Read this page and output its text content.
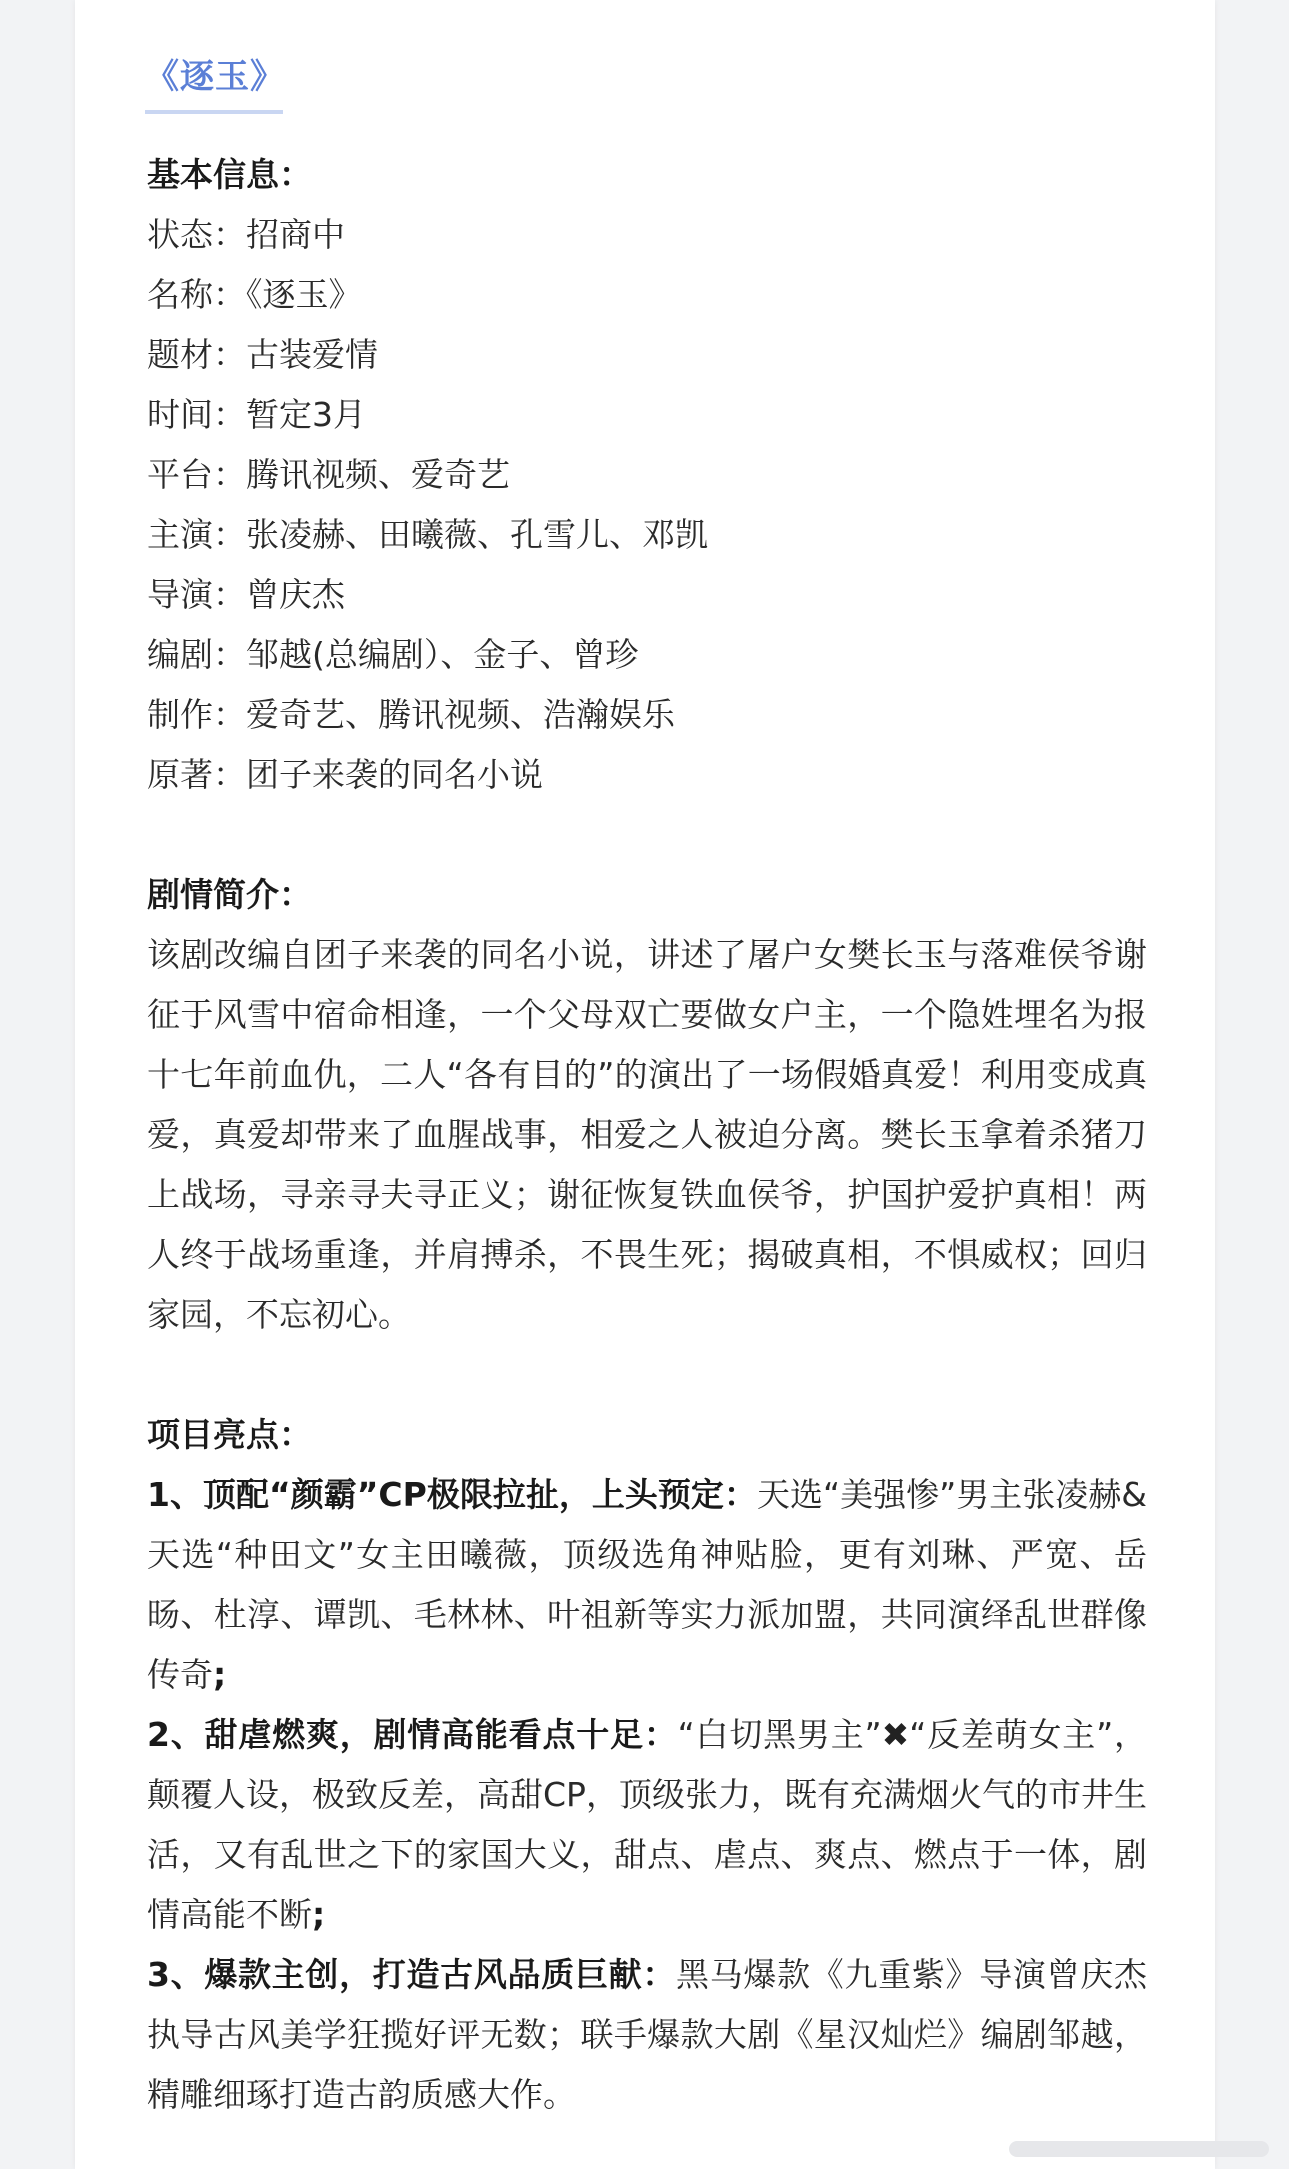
《逐玉》
基本信息：
状态：招商中
名称：《逐玉》
题材：古装爱情
时间：暂定3月
平台：腾讯视频、爱奇艺
主演：张凌赫、田曦薇、孔雪儿、邓凯
导演：曾庆杰
编剧：邹越(总编剧）、金子、曾珍
制作：爱奇艺、腾讯视频、浩瀚娱乐
原著：团子来袭的同名小说
剧情简介：
该剧改编自团子来袭的同名小说，讲述了屠户女樊长玉与落难侯爷谢征于风雪中宿命相逢，一个父母双亡要做女户主，一个隐姓埋名为报十七年前血仇，二人“各有目的”的演出了一场假婚真爱！利用变成真爱，真爱却带来了血腥战事，相爱之人被迫分离。樊长玉拿着杀猪刀上战场，寻亲寻夫寻正义；谢征恢复铁血侯爷，护国护爱护真相！两人终于战场重逢，并肩搏杀，不畏生死；揭破真相，不惧威权；回归家园，不忘初心。
项目亮点：
1、顶配“颜霸”CP极限拉扯，上头预定：天选“美强惨”男主张凌赫&天选“种田文”女主田曦薇，顶级选角神贴脸，更有刘琳、严宽、岳旸、杜淳、谭凯、毛林林、叶祖新等实力派加盟，共同演绎乱世群像传奇;
2、甜虐燃爽，剧情高能看点十足：“白切黑男主”✖“反差萌女主”，颠覆人设，极致反差，高甜CP，顶级张力，既有充满烟火气的市井生活，又有乱世之下的家国大义，甜点、虐点、爽点、燃点于一体，剧情高能不断;
3、爆款主创，打造古风品质巨献：黑马爆款《九重紫》导演曾庆杰执导古风美学狂揽好评无数；联手爆款大剧《星汉灿烂》编剧邹越，精雕细琢打造古韵质感大作。
